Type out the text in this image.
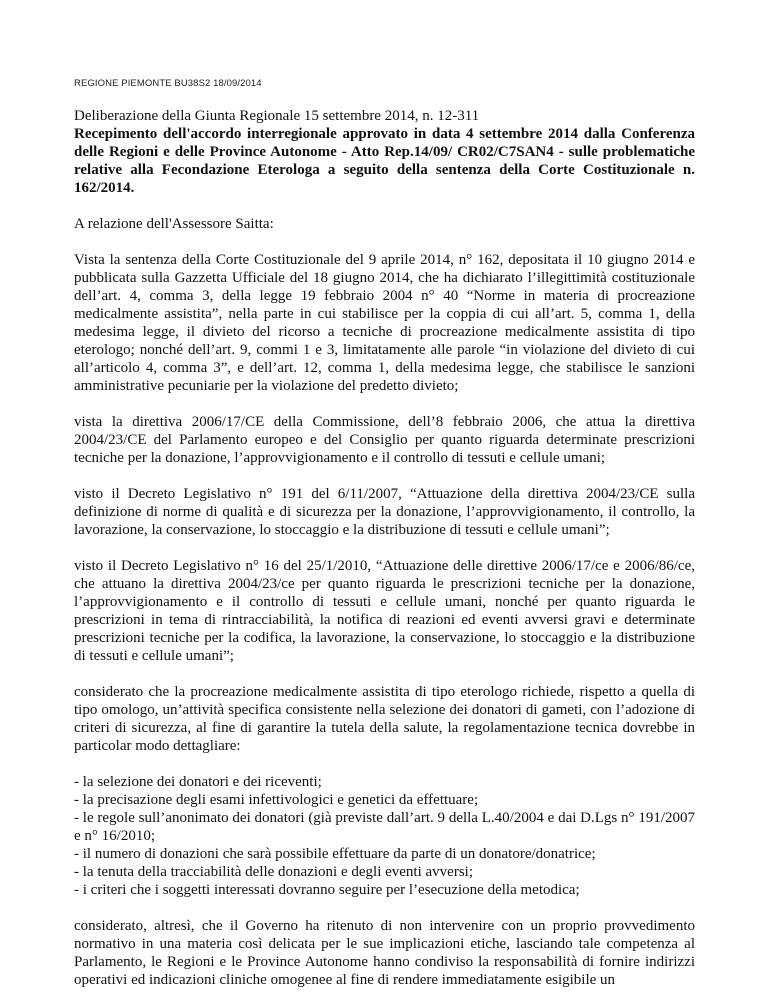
REGIONE PIEMONTE BU38S2 18/09/2014
Deliberazione della Giunta Regionale 15 settembre 2014, n. 12-311
Recepimento dell'accordo interregionale approvato in data 4 settembre 2014 dalla Conferenza delle Regioni e delle Province Autonome - Atto Rep.14/09/ CR02/C7SAN4 - sulle problematiche relative alla Fecondazione Eterologa a seguito della sentenza della Corte Costituzionale n. 162/2014.
A relazione dell'Assessore Saitta:

Vista la sentenza della Corte Costituzionale del 9 aprile 2014, n° 162, depositata il 10 giugno 2014 e pubblicata sulla Gazzetta Ufficiale del 18 giugno 2014, che ha dichiarato l’illegittimità costituzionale dell’art. 4, comma 3, della legge 19 febbraio 2004 n° 40 “Norme in materia di procreazione medicalmente assistita”, nella parte in cui stabilisce per la coppia di cui all’art. 5, comma 1, della medesima legge, il divieto del ricorso a tecniche di procreazione medicalmente assistita di tipo eterologo; nonché dell’art. 9, commi 1 e 3, limitatamente alle parole “in violazione del divieto di cui all’articolo 4, comma 3”, e dell’art. 12, comma 1, della medesima legge, che stabilisce le sanzioni amministrative pecuniarie per la violazione del predetto divieto;

vista la direttiva 2006/17/CE della Commissione, dell’8 febbraio 2006, che attua la direttiva 2004/23/CE del Parlamento europeo e del Consiglio per quanto riguarda determinate prescrizioni tecniche per la donazione, l’approvvigionamento e il controllo di tessuti e cellule umani;

visto il Decreto Legislativo n° 191 del 6/11/2007, “Attuazione della direttiva 2004/23/CE sulla definizione di norme di qualità e di sicurezza per la donazione, l’approvvigionamento, il controllo, la lavorazione, la conservazione, lo stoccaggio e la distribuzione di tessuti e cellule umani”;

visto il Decreto Legislativo n° 16 del 25/1/2010, “Attuazione delle direttive 2006/17/ce e 2006/86/ce, che attuano la direttiva 2004/23/ce per quanto riguarda le prescrizioni tecniche per la donazione, l’approvvigionamento e il controllo di tessuti e cellule umani, nonché per quanto riguarda le prescrizioni in tema di rintracciabilità, la notifica di reazioni ed eventi avversi gravi e determinate prescrizioni tecniche per la codifica, la lavorazione, la conservazione, lo stoccaggio e la distribuzione di tessuti e cellule umani”;

considerato che la procreazione medicalmente assistita di tipo eterologo richiede, rispetto a quella di tipo omologo, un’attività specifica consistente nella selezione dei donatori di gameti, con l’adozione di criteri di sicurezza, al fine di garantire la tutela della salute, la regolamentazione tecnica dovrebbe in particolar modo dettagliare:

- la selezione dei donatori e dei riceventi;
- la precisazione degli esami infettivologici e genetici da effettuare;
- le regole sull’anonimato dei donatori (già previste dall’art. 9 della L.40/2004 e dai D.Lgs n° 191/2007 e n° 16/2010;
- il numero di donazioni che sarà possibile effettuare da parte di un donatore/donatrice;
- la tenuta della tracciabilità delle donazioni e degli eventi avversi;
- i criteri che i soggetti interessati dovranno seguire per l’esecuzione della metodica;

considerato, altresì, che il Governo ha ritenuto di non intervenire con un proprio provvedimento normativo in una materia così delicata per le sue implicazioni etiche, lasciando tale competenza al Parlamento, le Regioni e le Province Autonome hanno condiviso la responsabilità di fornire indirizzi operativi ed indicazioni cliniche omogenee al fine di rendere immediatamente esigibile un
